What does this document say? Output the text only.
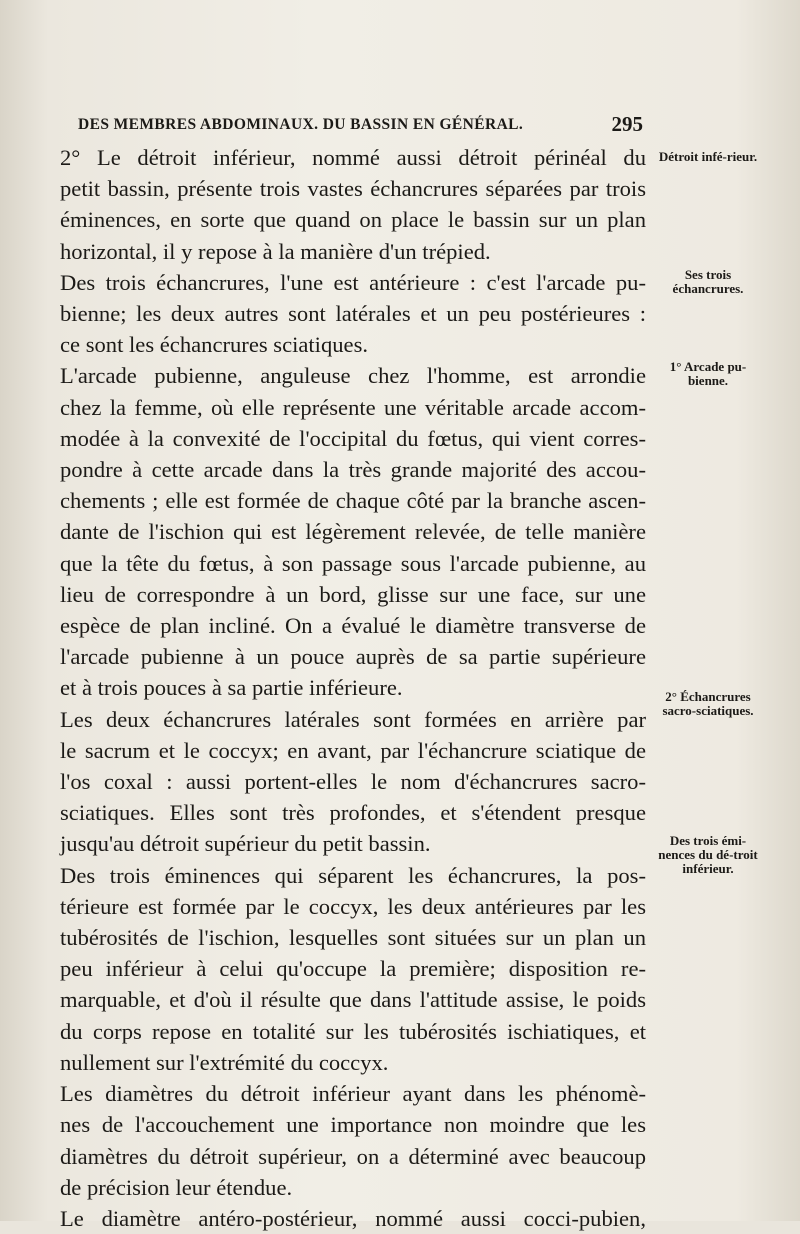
DES MEMBRES ABDOMINAUX. DU BASSIN EN GÉNÉRAL.	295
Détroit infé-rieur.
Ses trois échancrures.
1° Arcade pu-bienne.
2° Échancrures sacro-sciatiques.
Des trois émi-nences du dé-troit inférieur.
2° Le détroit inférieur, nommé aussi détroit périnéal du
petit bassin, présente trois vastes échancrures séparées par trois
éminences, en sorte que quand on place le bassin sur un plan
horizontal, il y repose à la manière d'un trépied.
Des trois échancrures, l'une est antérieure : c'est l'arcade pu-
bienne; les deux autres sont latérales et un peu postérieures :
ce sont les échancrures sciatiques.
L'arcade pubienne, anguleuse chez l'homme, est arrondie
chez la femme, où elle représente une véritable arcade accom-
modée à la convexité de l'occipital du fœtus, qui vient corres-
pondre à cette arcade dans la très grande majorité des accou-
chements ; elle est formée de chaque côté par la branche ascen-
dante de l'ischion qui est légèrement relevée, de telle manière
que la tête du fœtus, à son passage sous l'arcade pubienne, au
lieu de correspondre à un bord, glisse sur une face, sur une
espèce de plan incliné. On a évalué le diamètre transverse de
l'arcade pubienne à un pouce auprès de sa partie supérieure
et à trois pouces à sa partie inférieure.
Les deux échancrures latérales sont formées en arrière par
le sacrum et le coccyx; en avant, par l'échancrure sciatique de
l'os coxal : aussi portent-elles le nom d'échancrures sacro-
sciatiques. Elles sont très profondes, et s'étendent presque
jusqu'au détroit supérieur du petit bassin.
Des trois éminences qui séparent les échancrures, la pos-
térieure est formée par le coccyx, les deux antérieures par les
tubérosités de l'ischion, lesquelles sont situées sur un plan un
peu inférieur à celui qu'occupe la première; disposition re-
marquable, et d'où il résulte que dans l'attitude assise, le poids
du corps repose en totalité sur les tubérosités ischiatiques, et
nullement sur l'extrémité du coccyx.
Les diamètres du détroit inférieur ayant dans les phénomè-
nes de l'accouchement une importance non moindre que les
diamètres du détroit supérieur, on a déterminé avec beaucoup
de précision leur étendue.
Le diamètre antéro-postérieur, nommé aussi cocci-pubien,
